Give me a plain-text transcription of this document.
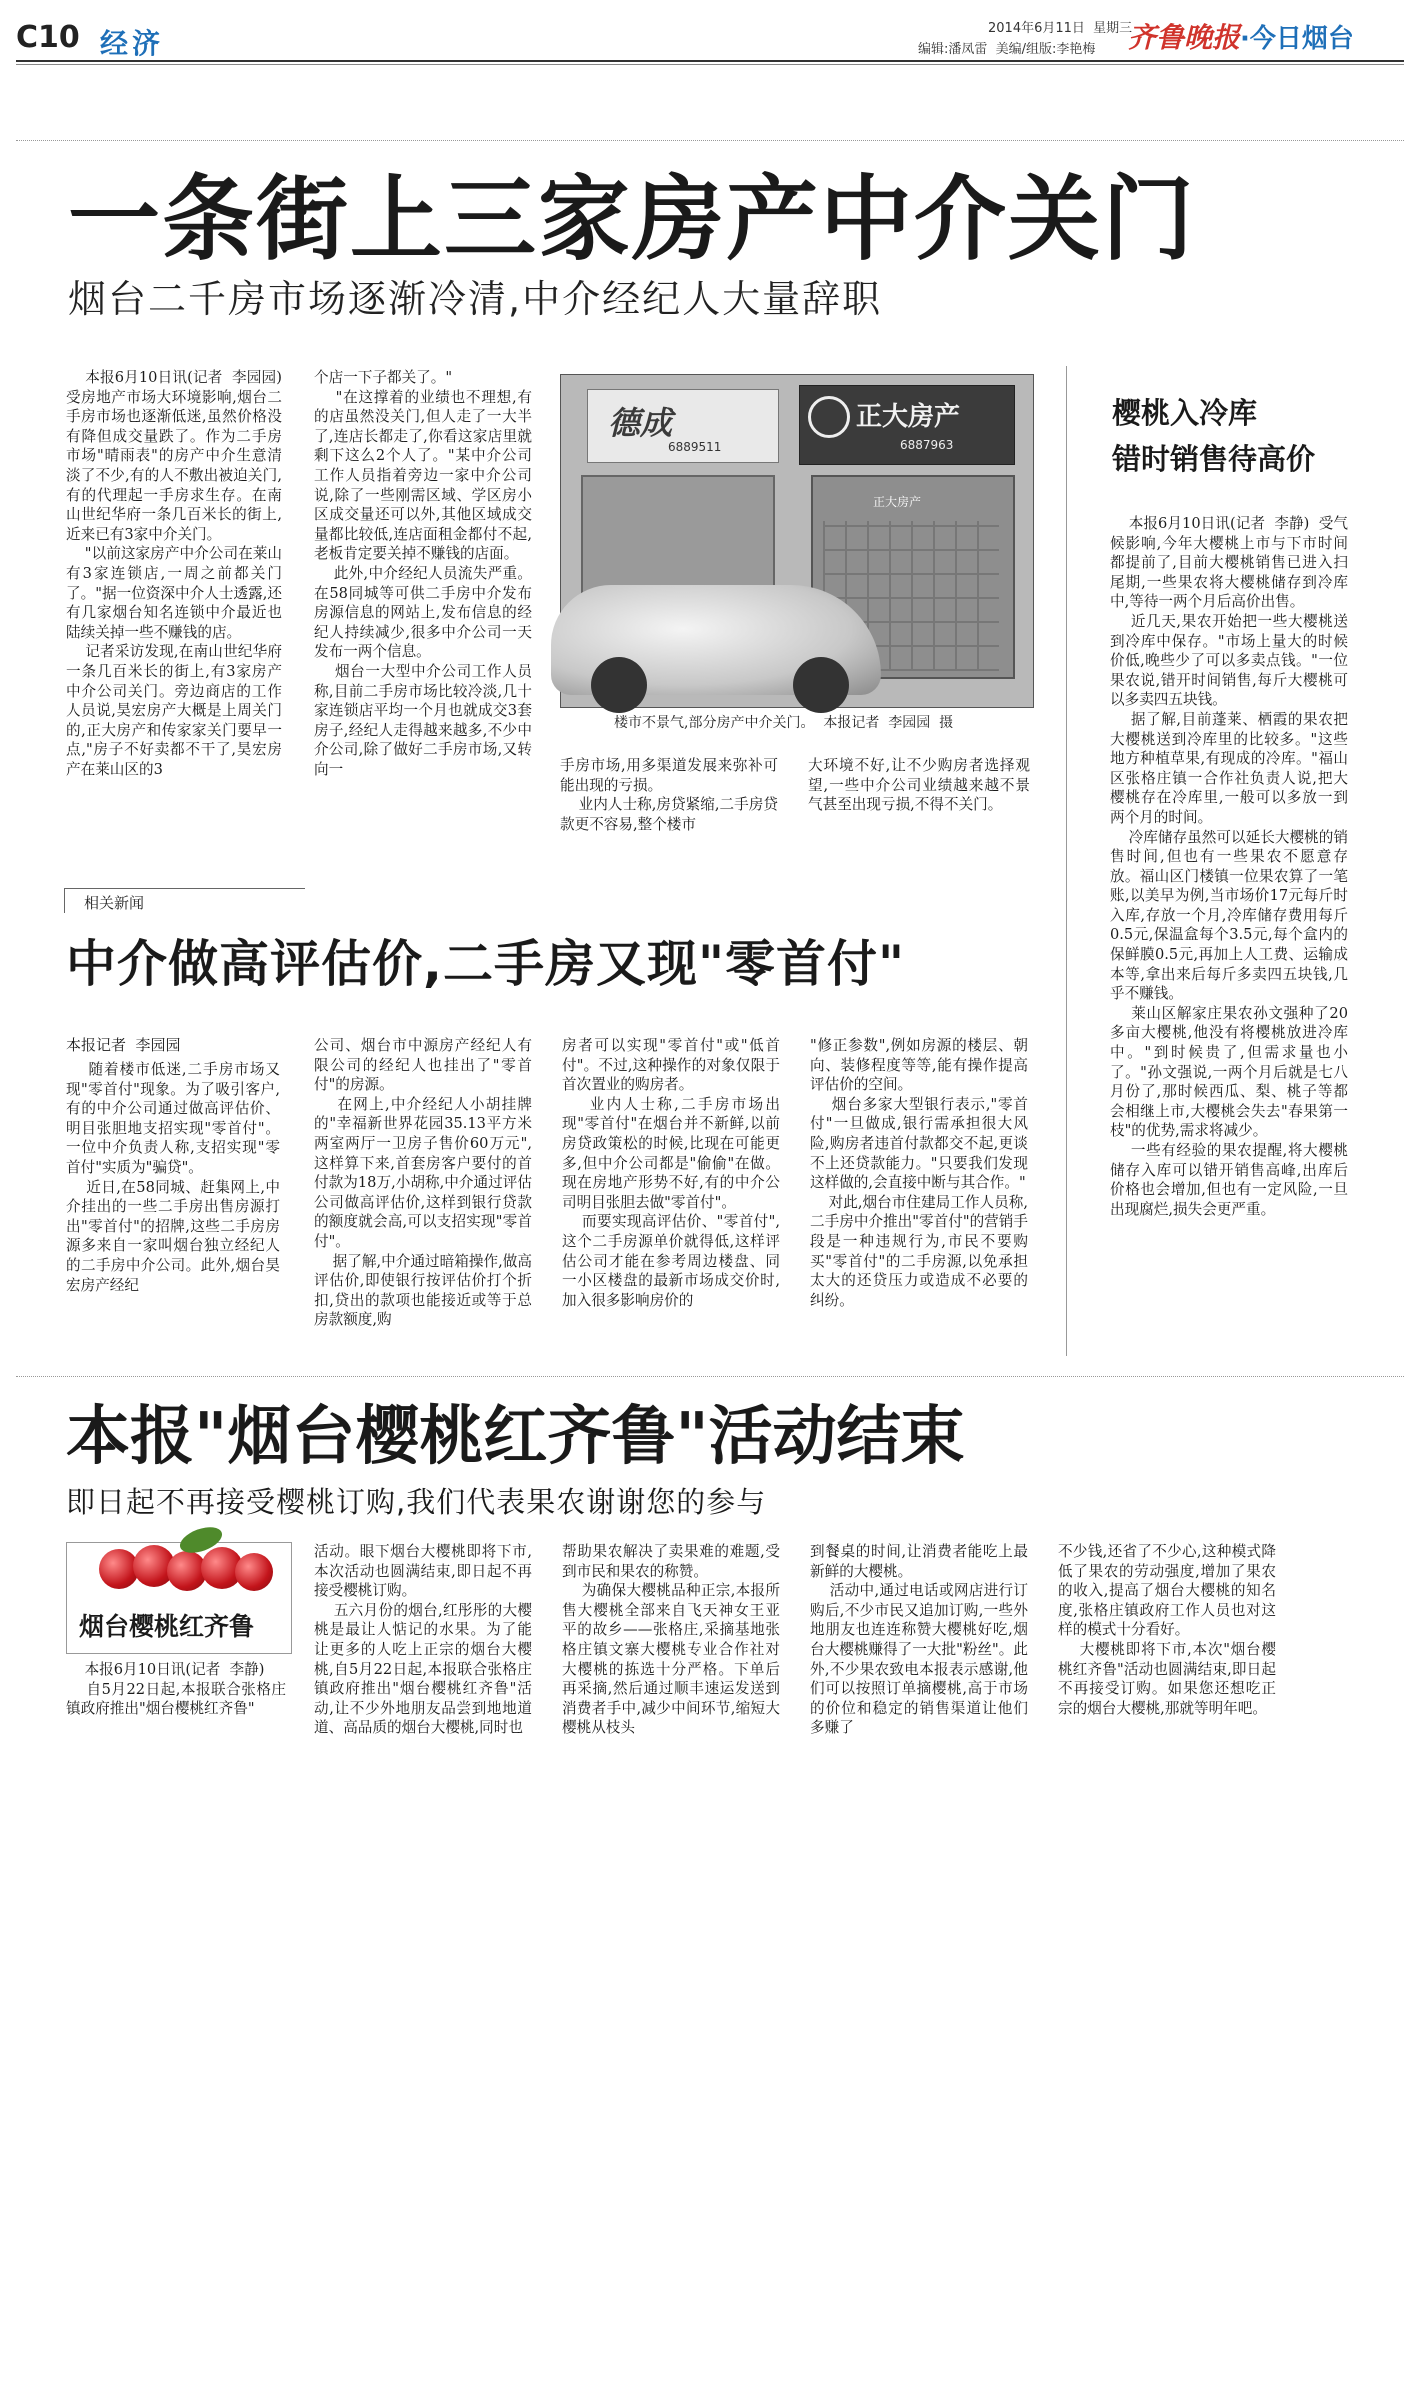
C10 经济	2014年6月11日  星期三
编辑:潘凤雷  美编/组版:李艳梅 齐鲁晚报·今日烟台
一条街上三家房产中介关门
烟台二千房市场逐渐冷清,中介经纪人大量辞职
本报6月10日讯(记者  李园园)  受房地产市场大环境影响,烟台二手房市场也逐渐低迷,虽然价格没有降但成交量跌了。作为二手房市场"晴雨表"的房产中介生意清淡了不少,有的人不敷出被迫关门,有的代理起一手房求生存。在南山世纪华府一条几百米长的街上,近来已有3家中介关门。
"以前这家房产中介公司在莱山有3家连锁店,一周之前都关门了。"据一位资深中介人士透露,还有几家烟台知名连锁中介最近也陆续关掉一些不赚钱的店。
记者采访发现,在南山世纪华府一条几百米长的街上,有3家房产中介公司关门。旁边商店的工作人员说,昊宏房产大概是上周关门的,正大房产和传家家关门要早一点,"房子不好卖都不干了,昊宏房产在莱山区的3
个店一下子都关了。"
"在这撑着的业绩也不理想,有的店虽然没关门,但人走了一大半了,连店长都走了,你看这家店里就剩下这么2个人了。"某中介公司工作人员指着旁边一家中介公司说,除了一些刚需区域、学区房小区成交量还可以外,其他区域成交量都比较低,连店面租金都付不起,老板肯定要关掉不赚钱的店面。
此外,中介经纪人员流失严重。在58同城等可供二手房中介发布房源信息的网站上,发布信息的经纪人持续减少,很多中介公司一天发布一两个信息。
烟台一大型中介公司工作人员称,目前二手房市场比较冷淡,几十家连锁店平均一个月也就成交3套房子,经纪人走得越来越多,不少中介公司,除了做好二手房市场,又转向一
德成
6889511
正大房产
6887963
正大房产
楼市不景气,部分房产中介关门。  本报记者  李园园  摄
手房市场,用多渠道发展来弥补可能出现的亏损。
业内人士称,房贷紧缩,二手房贷款更不容易,整个楼市
大环境不好,让不少购房者选择观望,一些中介公司业绩越来越不景气甚至出现亏损,不得不关门。
樱桃入冷库
错时销售待高价
本报6月10日讯(记者  李静)  受气候影响,今年大樱桃上市与下市时间都提前了,目前大樱桃销售已进入扫尾期,一些果农将大樱桃储存到冷库中,等待一两个月后高价出售。
近几天,果农开始把一些大樱桃送到冷库中保存。"市场上量大的时候价低,晚些少了可以多卖点钱。"一位果农说,错开时间销售,每斤大樱桃可以多卖四五块钱。
据了解,目前蓬莱、栖霞的果农把大樱桃送到冷库里的比较多。"这些地方种植草果,有现成的冷库。"福山区张格庄镇一合作社负责人说,把大樱桃存在冷库里,一般可以多放一到两个月的时间。
冷库储存虽然可以延长大樱桃的销售时间,但也有一些果农不愿意存放。福山区门楼镇一位果农算了一笔账,以美早为例,当市场价17元每斤时入库,存放一个月,冷库储存费用每斤0.5元,保温盒每个3.5元,每个盒内的保鲜膜0.5元,再加上人工费、运输成本等,拿出来后每斤多卖四五块钱,几乎不赚钱。
莱山区解家庄果农孙文强种了20多亩大樱桃,他没有将樱桃放进冷库中。"到时候贵了,但需求量也小了。"孙文强说,一两个月后就是七八月份了,那时候西瓜、梨、桃子等都会相继上市,大樱桃会失去"春果第一枝"的优势,需求将减少。
一些有经验的果农提醒,将大樱桃储存入库可以错开销售高峰,出库后价格也会增加,但也有一定风险,一旦出现腐烂,损失会更严重。
相关新闻
中介做高评估价,二手房又现"零首付"
本报记者  李园园
随着楼市低迷,二手房市场又现"零首付"现象。为了吸引客户,有的中介公司通过做高评估价、明目张胆地支招实现"零首付"。一位中介负责人称,支招实现"零首付"实质为"骗贷"。
近日,在58同城、赶集网上,中介挂出的一些二手房出售房源打出"零首付"的招牌,这些二手房房源多来自一家叫烟台独立经纪人的二手房中介公司。此外,烟台昊宏房产经纪
公司、烟台市中源房产经纪人有限公司的经纪人也挂出了"零首付"的房源。
在网上,中介经纪人小胡挂牌的"幸福新世界花园35.13平方米两室两厅一卫房子售价60万元",这样算下来,首套房客户要付的首付款为18万,小胡称,中介通过评估公司做高评估价,这样到银行贷款的额度就会高,可以支招实现"零首付"。
据了解,中介通过暗箱操作,做高评估价,即使银行按评估价打个折扣,贷出的款项也能接近或等于总房款额度,购
房者可以实现"零首付"或"低首付"。不过,这种操作的对象仅限于首次置业的购房者。
业内人士称,二手房市场出现"零首付"在烟台并不新鲜,以前房贷政策松的时候,比现在可能更多,但中介公司都是"偷偷"在做。现在房地产形势不好,有的中介公司明目张胆去做"零首付"。
而要实现高评估价、"零首付",这个二手房源单价就得低,这样评估公司才能在参考周边楼盘、同一小区楼盘的最新市场成交价时,加入很多影响房价的
"修正参数",例如房源的楼层、朝向、装修程度等等,能有操作提高评估价的空间。
烟台多家大型银行表示,"零首付"一旦做成,银行需承担很大风险,购房者违首付款都交不起,更谈不上还贷款能力。"只要我们发现这样做的,会直接中断与其合作。"
对此,烟台市住建局工作人员称,二手房中介推出"零首付"的营销手段是一种违规行为,市民不要购买"零首付"的二手房源,以免承担太大的还贷压力或造成不必要的纠纷。
本报"烟台樱桃红齐鲁"活动结束
即日起不再接受樱桃订购,我们代表果农谢谢您的参与
烟台樱桃红齐鲁
本报6月10日讯(记者  李静)
自5月22日起,本报联合张格庄镇政府推出"烟台樱桃红齐鲁"
活动。眼下烟台大樱桃即将下市,本次活动也圆满结束,即日起不再接受樱桃订购。
五六月份的烟台,红彤彤的大樱桃是最让人惦记的水果。为了能让更多的人吃上正宗的烟台大樱桃,自5月22日起,本报联合张格庄镇政府推出"烟台樱桃红齐鲁"活动,让不少外地朋友品尝到地地道道、高品质的烟台大樱桃,同时也
帮助果农解决了卖果难的难题,受到市民和果农的称赞。
为确保大樱桃品种正宗,本报所售大樱桃全部来自飞天神女王亚平的故乡——张格庄,采摘基地张格庄镇文寨大樱桃专业合作社对大樱桃的拣选十分严格。下单后再采摘,然后通过顺丰速运发送到消费者手中,减少中间环节,缩短大樱桃从枝头
到餐桌的时间,让消费者能吃上最新鲜的大樱桃。
活动中,通过电话或网店进行订购后,不少市民又追加订购,一些外地朋友也连连称赞大樱桃好吃,烟台大樱桃赚得了一大批"粉丝"。此外,不少果农致电本报表示感谢,他们可以按照订单摘樱桃,高于市场的价位和稳定的销售渠道让他们多赚了
不少钱,还省了不少心,这种模式降低了果农的劳动强度,增加了果农的收入,提高了烟台大樱桃的知名度,张格庄镇政府工作人员也对这样的模式十分看好。
大樱桃即将下市,本次"烟台樱桃红齐鲁"活动也圆满结束,即日起不再接受订购。如果您还想吃正宗的烟台大樱桃,那就等明年吧。
